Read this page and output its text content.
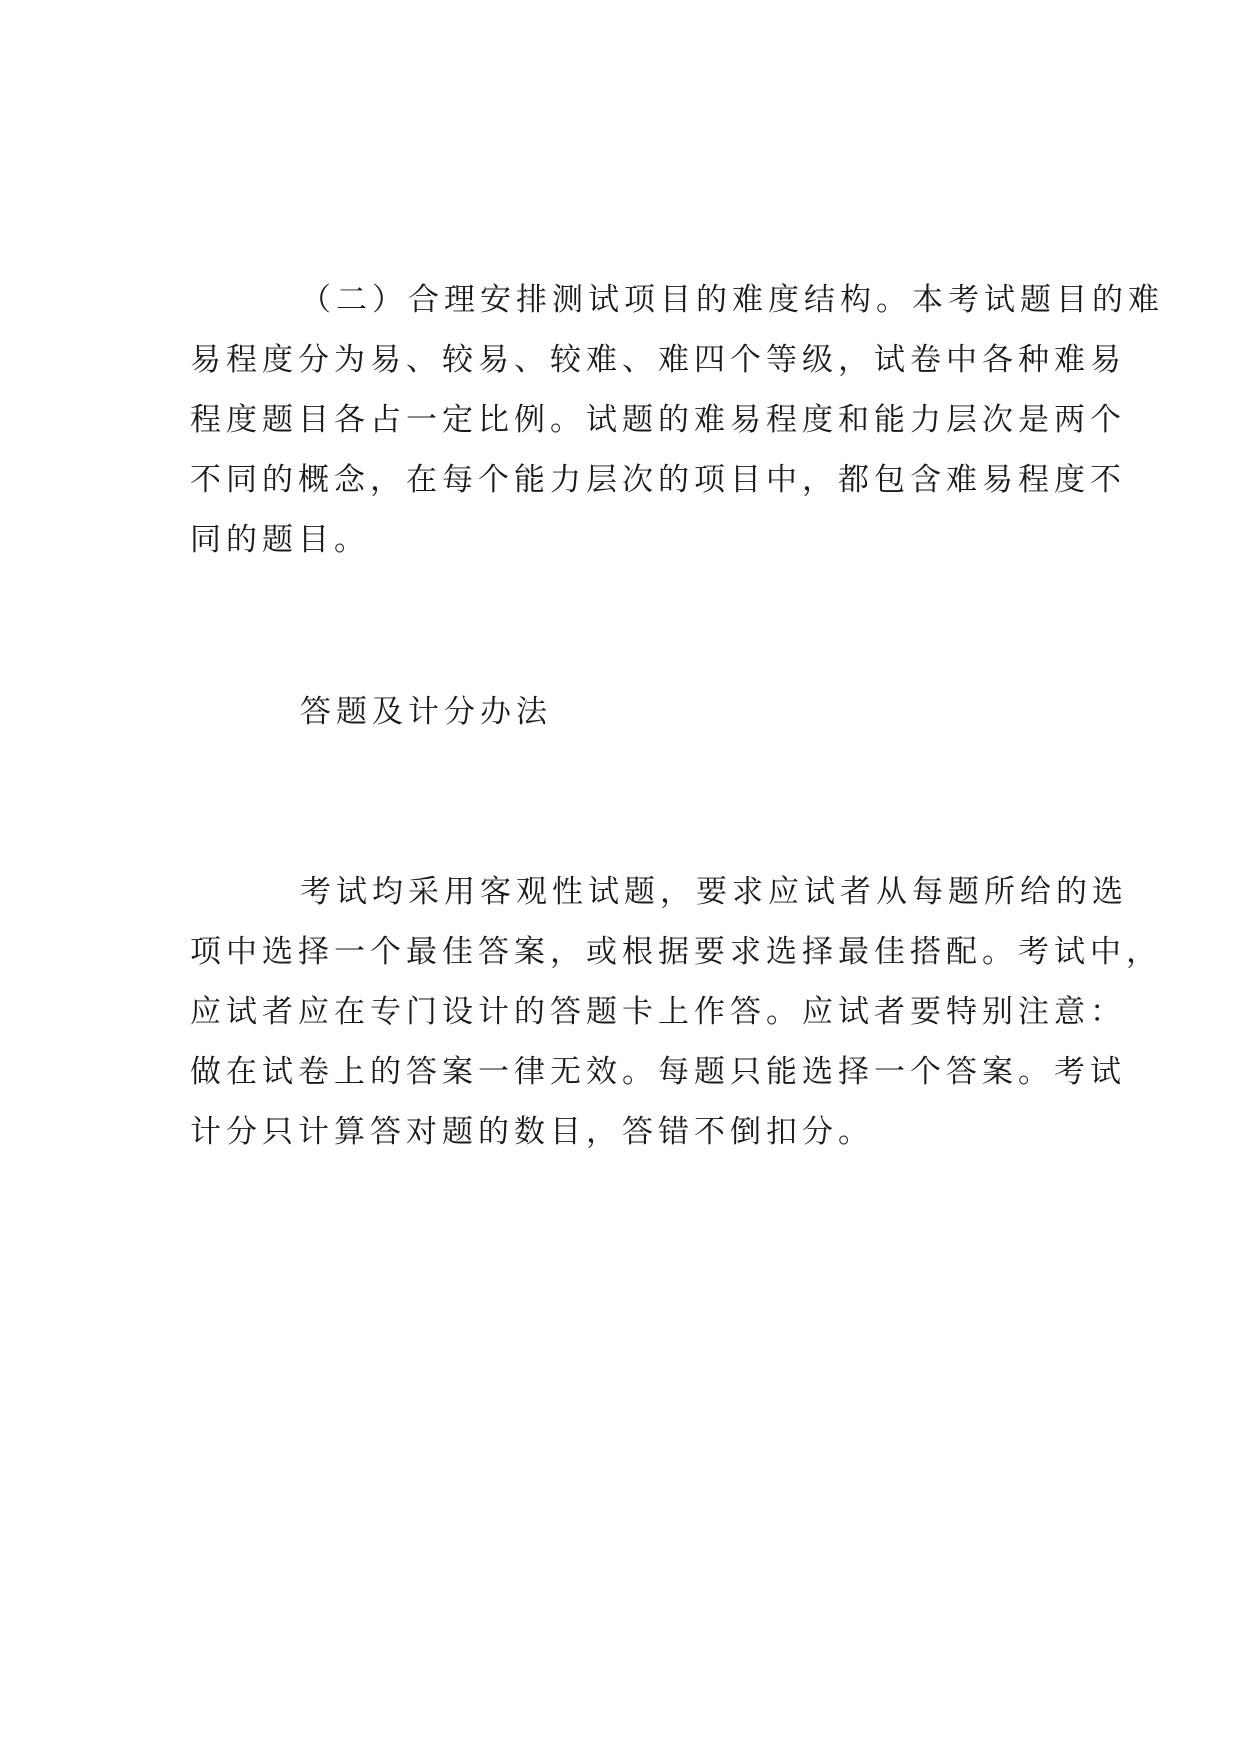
（二）合理安排测试项目的难度结构。本考试题目的难
易程度分为易、较易、较难、难四个等级，试卷中各种难易
程度题目各占一定比例。试题的难易程度和能力层次是两个
不同的概念，在每个能力层次的项目中，都包含难易程度不
同的题目。

答题及计分办法

考试均采用客观性试题，要求应试者从每题所给的选
项中选择一个最佳答案，或根据要求选择最佳搭配。考试中，
应试者应在专门设计的答题卡上作答。应试者要特别注意：
做在试卷上的答案一律无效。每题只能选择一个答案。考试
计分只计算答对题的数目，答错不倒扣分。
